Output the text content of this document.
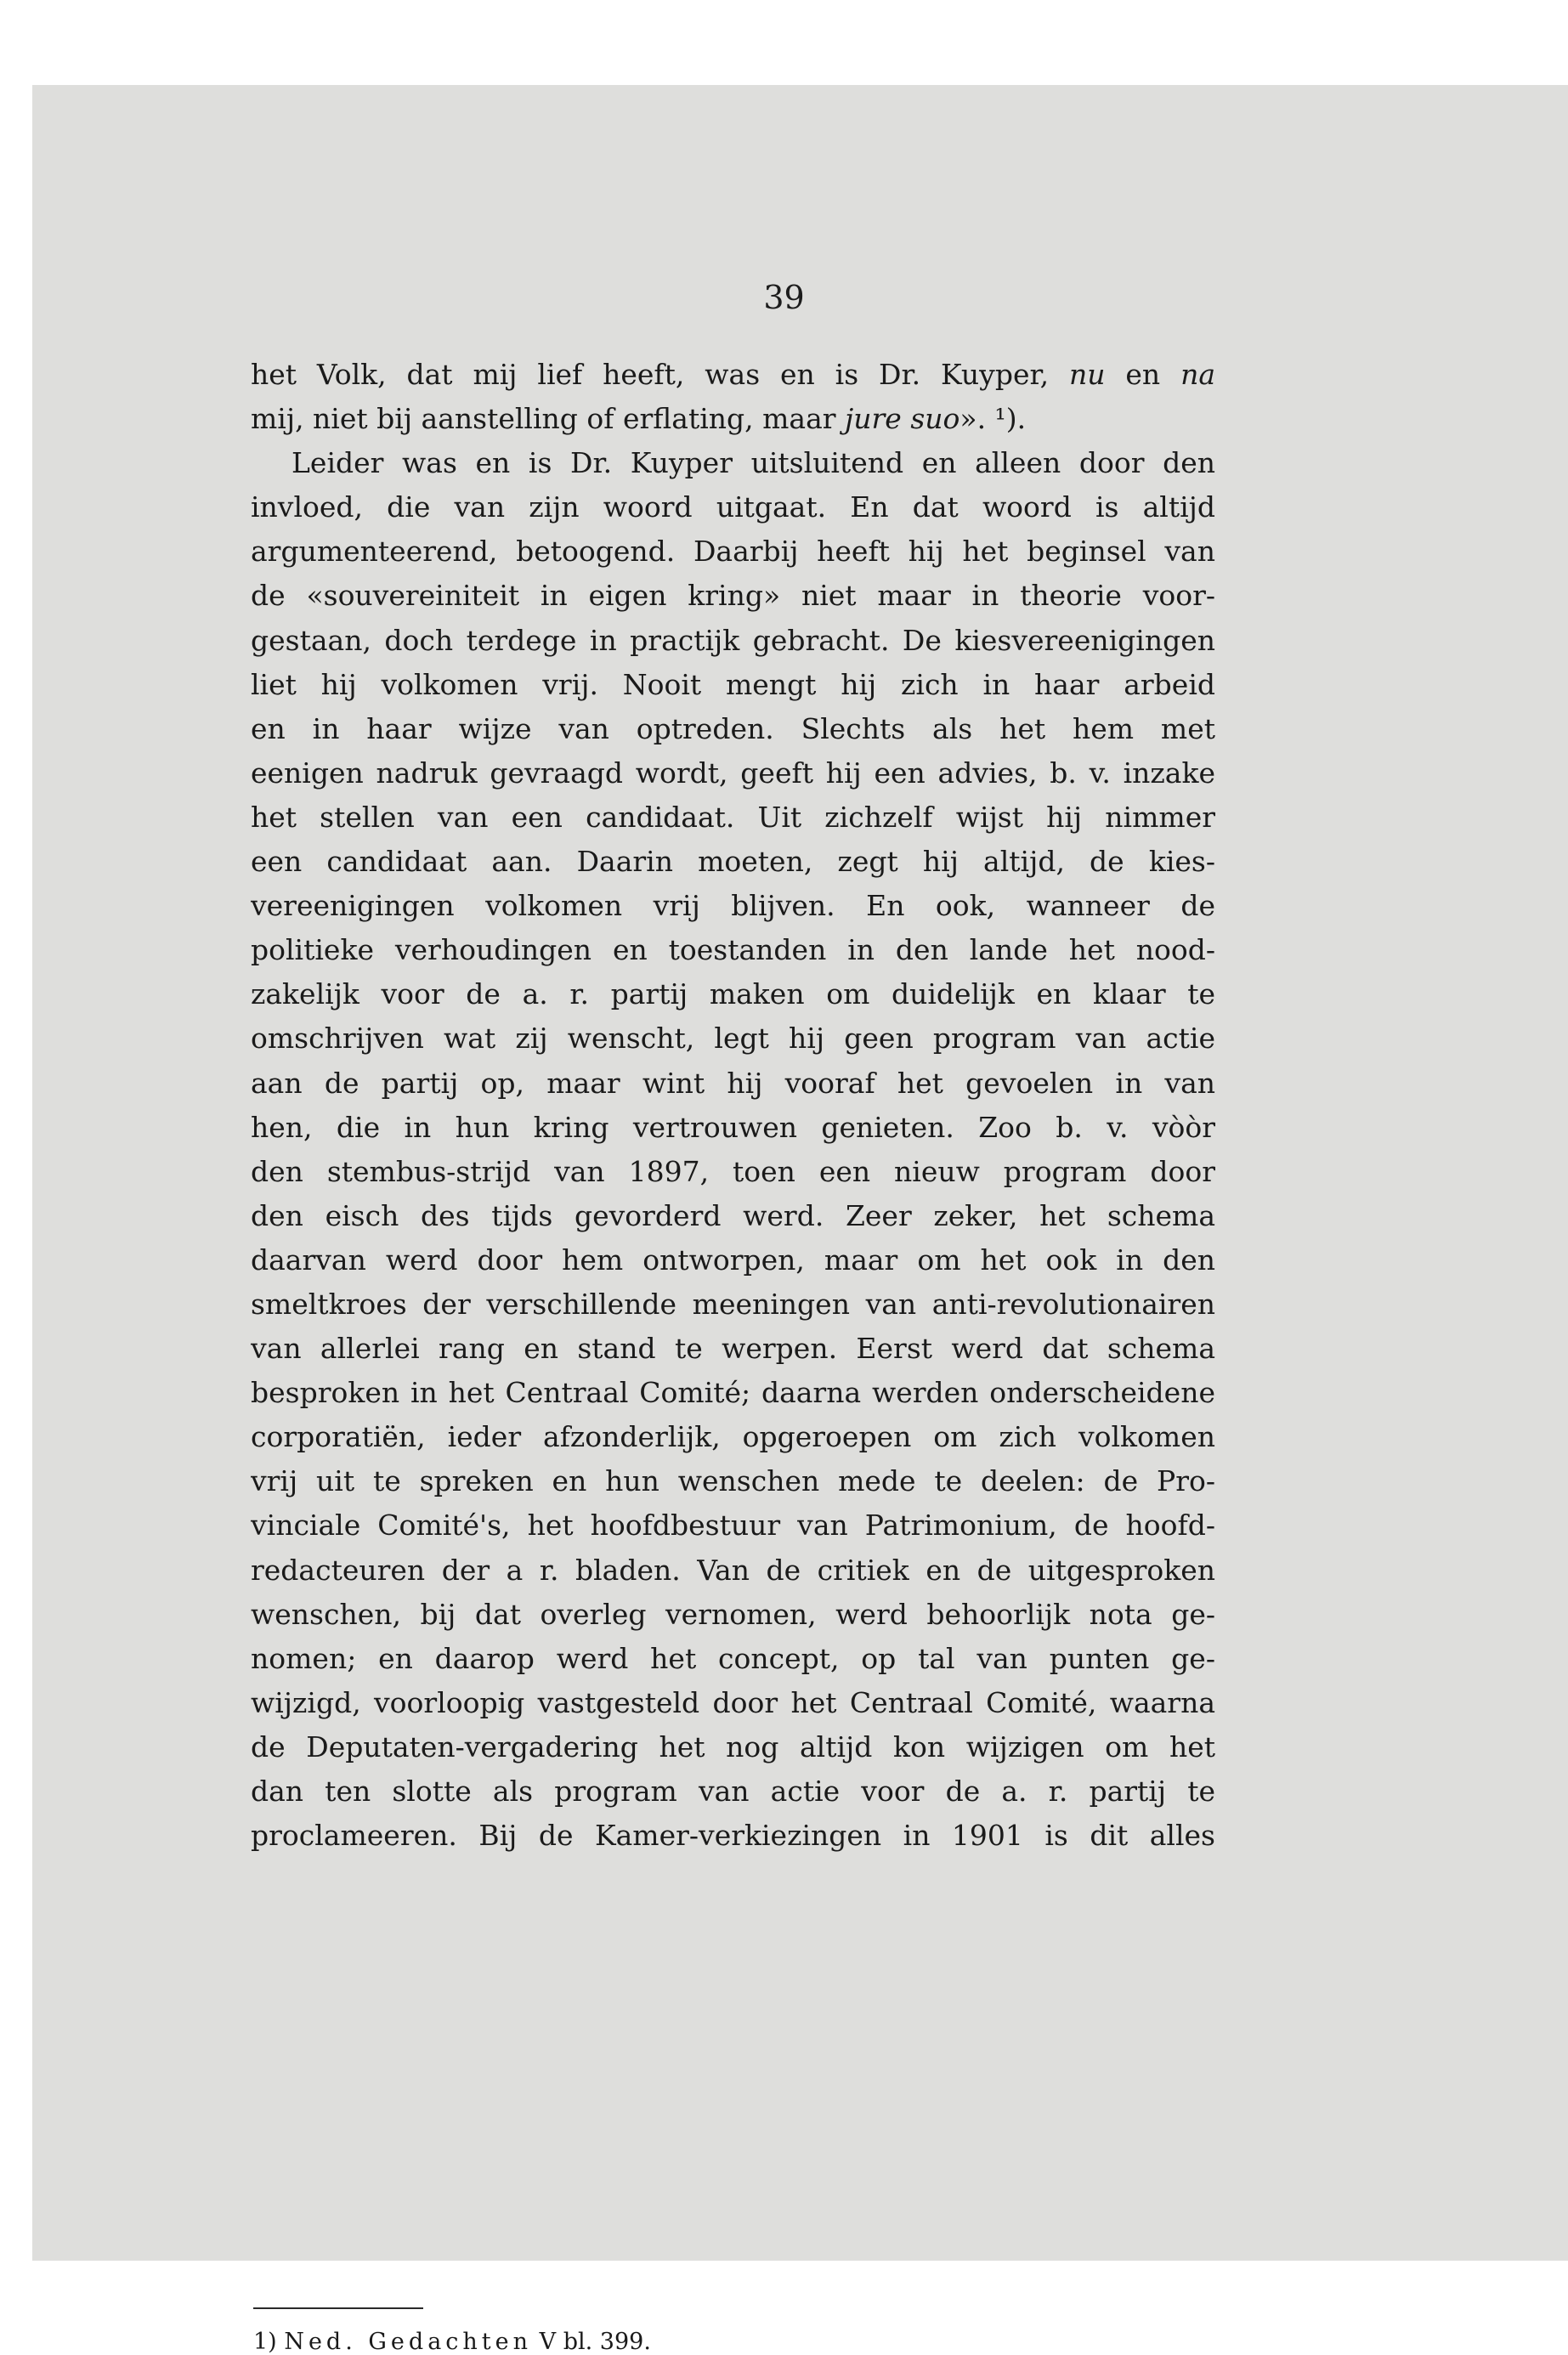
39
het Volk, dat mij lief heeft, was en is Dr. Kuyper, nu en na
mij, niet bij aanstelling of erflating, maar jure suo». ¹).
Leider was en is Dr. Kuyper uitsluitend en alleen door den
invloed, die van zijn woord uitgaat. En dat woord is altijd
argumenteerend, betoogend. Daarbij heeft hij het beginsel van
de «souvereiniteit in eigen kring» niet maar in theorie voor-
gestaan, doch terdege in practijk gebracht. De kiesvereenigingen
liet hij volkomen vrij. Nooit mengt hij zich in haar arbeid
en in haar wijze van optreden. Slechts als het hem met
eenigen nadruk gevraagd wordt, geeft hij een advies, b. v. inzake
het stellen van een candidaat. Uit zichzelf wijst hij nimmer
een candidaat aan. Daarin moeten, zegt hij altijd, de kies-
vereenigingen volkomen vrij blijven. En ook, wanneer de
politieke verhoudingen en toestanden in den lande het nood-
zakelijk voor de a. r. partij maken om duidelijk en klaar te
omschrijven wat zij wenscht, legt hij geen program van actie
aan de partij op, maar wint hij vooraf het gevoelen in van
hen, die in hun kring vertrouwen genieten. Zoo b. v. vòòr
den stembus-strijd van 1897, toen een nieuw program door
den eisch des tijds gevorderd werd. Zeer zeker, het schema
daarvan werd door hem ontworpen, maar om het ook in den
smeltkroes der verschillende meeningen van anti-revolutionairen
van allerlei rang en stand te werpen. Eerst werd dat schema
besproken in het Centraal Comité; daarna werden onderscheidene
corporatiën, ieder afzonderlijk, opgeroepen om zich volkomen
vrij uit te spreken en hun wenschen mede te deelen: de Pro-
vinciale Comité's, het hoofdbestuur van Patrimonium, de hoofd-
redacteuren der a r. bladen. Van de critiek en de uitgesproken
wenschen, bij dat overleg vernomen, werd behoorlijk nota ge-
nomen; en daarop werd het concept, op tal van punten ge-
wijzigd, voorloopig vastgesteld door het Centraal Comité, waarna
de Deputaten-vergadering het nog altijd kon wijzigen om het
dan ten slotte als program van actie voor de a. r. partij te
proclameeren. Bij de Kamer-verkiezingen in 1901 is dit alles
1) Ned. Gedachten V bl. 399.
